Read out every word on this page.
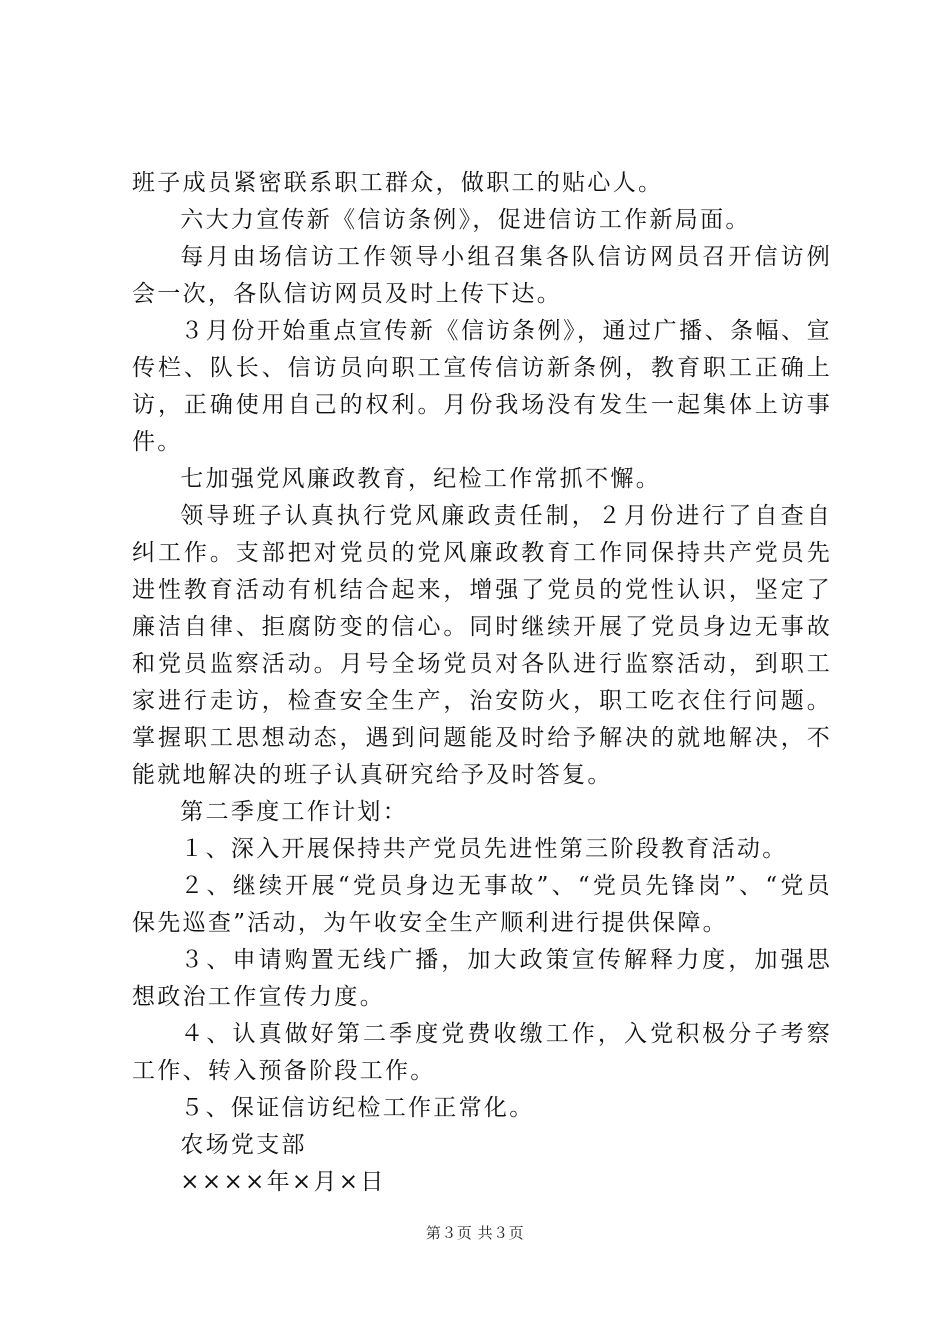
班子成员紧密联系职工群众，做职工的贴心人。

六大力宣传新《信访条例》，促进信访工作新局面。

每月由场信访工作领导小组召集各队信访网员召开信访例会一次，各队信访网员及时上传下达。

３月份开始重点宣传新《信访条例》，通过广播、条幅、宣传栏、队长、信访员向职工宣传信访新条例，教育职工正确上访，正确使用自己的权利。月份我场没有发生一起集体上访事件。

七加强党风廉政教育，纪检工作常抓不懈。

领导班子认真执行党风廉政责任制，２月份进行了自查自纠工作。支部把对党员的党风廉政教育工作同保持共产党员先进性教育活动有机结合起来，增强了党员的党性认识，坚定了廉洁自律、拒腐防变的信心。同时继续开展了党员身边无事故和党员监察活动。月号全场党员对各队进行监察活动，到职工家进行走访，检查安全生产，治安防火，职工吃衣住行问题。掌握职工思想动态，遇到问题能及时给予解决的就地解决，不能就地解决的班子认真研究给予及时答复。

第二季度工作计划：

１、深入开展保持共产党员先进性第三阶段教育活动。

２、继续开展“党员身边无事故”、“党员先锋岗”、“党员保先巡查”活动，为午收安全生产顺利进行提供保障。

３、申请购置无线广播，加大政策宣传解释力度，加强思想政治工作宣传力度。

４、认真做好第二季度党费收缴工作，入党积极分子考察工作、转入预备阶段工作。

５、保证信访纪检工作正常化。

农场党支部

××××年×月×日

第３页 共３页
